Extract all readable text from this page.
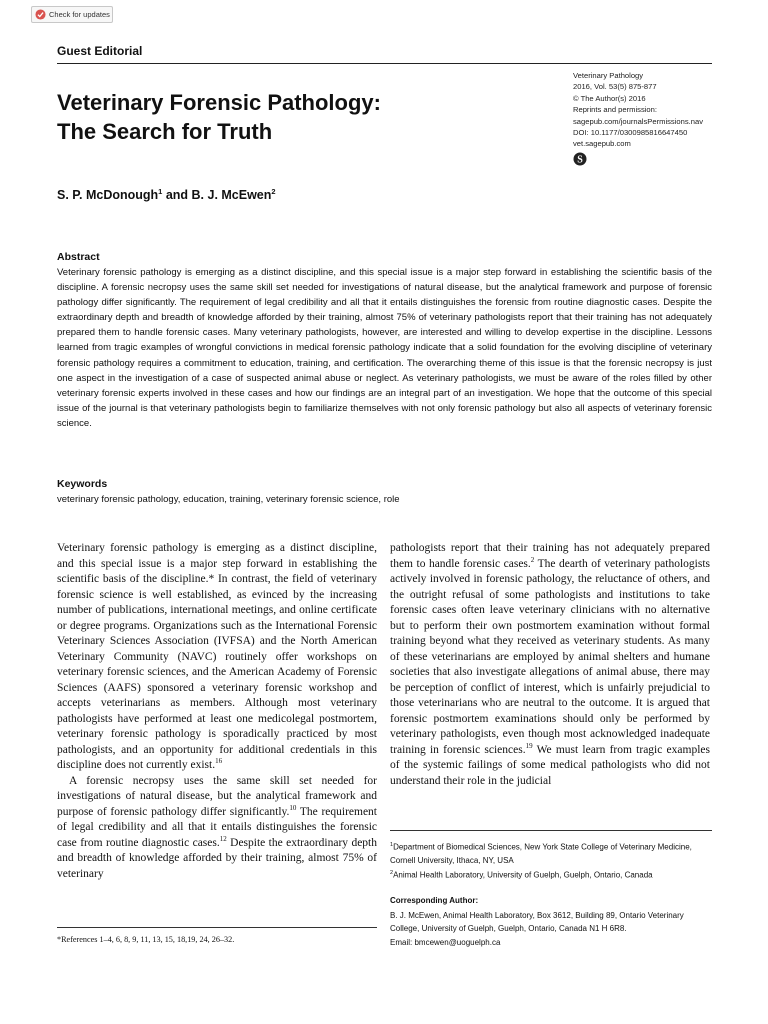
Check for updates
Guest Editorial
Veterinary Forensic Pathology:
The Search for Truth
Veterinary Pathology
2016, Vol. 53(5) 875-877
© The Author(s) 2016
Reprints and permission:
sagepub.com/journalsPermissions.nav
DOI: 10.1177/0300985816647450
vet.sagepub.com
S
S. P. McDonough$^1$ and B. J. McEwen$^2$
Abstract

Veterinary forensic pathology is emerging as a distinct discipline, and this special issue is a major step forward in establishing the scientific basis of the discipline. A forensic necropsy uses the same skill set needed for investigations of natural disease, but the analytical framework and purpose of forensic pathology differ significantly. The requirement of legal credibility and all that it entails distinguishes the forensic from routine diagnostic cases. Despite the extraordinary depth and breadth of knowledge afforded by their training, almost 75% of veterinary pathologists report that their training has not adequately prepared them to handle forensic cases. Many veterinary pathologists, however, are interested and willing to develop expertise in the discipline. Lessons learned from tragic examples of wrongful convictions in medical forensic pathology indicate that a solid foundation for the evolving discipline of veterinary forensic pathology requires a commitment to education, training, and certification. The overarching theme of this issue is that the forensic necropsy is just one aspect in the investigation of a case of suspected animal abuse or neglect. As veterinary pathologists, we must be aware of the roles filled by other veterinary forensic experts involved in these cases and how our findings are an integral part of an investigation. We hope that the outcome of this special issue of the journal is that veterinary pathologists begin to familiarize themselves with not only forensic pathology but also all aspects of veterinary forensic science.

Keywords
veterinary forensic pathology, education, training, veterinary forensic science, role

Veterinary forensic pathology is emerging as a distinct discipline, and this special issue is a major step forward in establishing the scientific basis of the discipline.* In contrast, the field of veterinary forensic science is well established, as evinced by the increasing number of publications, international meetings, and online certificate or degree programs. Organizations such as the International Forensic Veterinary Sciences Association (IVFSA) and the North American Veterinary Community (NAVC) routinely offer workshops on veterinary forensic sciences, and the American Academy of Forensic Sciences (AAFS) sponsored a veterinary forensic workshop and accepts veterinarians as members. Although most veterinary pathologists have performed at least one medicolegal postmortem, veterinary forensic pathology is sporadically practiced by most pathologists, and an opportunity for additional credentials in this discipline does not currently exist.$^{16}$

A forensic necropsy uses the same skill set needed for investigations of natural disease, but the analytical framework and purpose of forensic pathology differ significantly.$^{10}$ The requirement of legal credibility and all that it entails distinguishes the forensic case from routine diagnostic cases.$^{12}$ Despite the extraordinary depth and breadth of knowledge afforded by their training, almost 75% of veterinary

pathologists report that their training has not adequately prepared them to handle forensic cases.$^2$ The dearth of veterinary pathologists actively involved in forensic pathology, the reluctance of others, and the outright refusal of some pathologists and institutions to take forensic cases often leave veterinary clinicians with no alternative but to perform their own postmortem examination without formal training beyond what they received as veterinary students. As many of these veterinarians are employed by animal shelters and humane societies that also investigate allegations of animal abuse, there may be perception of conflict of interest, which is unfairly prejudicial to those veterinarians who are neutral to the outcome. It is argued that forensic postmortem examinations should only be performed by veterinary pathologists, even though most acknowledged inadequate training in forensic sciences.$^{19}$ We must learn from tragic examples of the systemic failings of some medical pathologists who did not understand their role in the judicial

*References 1–4, 6, 8, 9, 11, 13, 15, 18,19, 24, 26–32.
$^1$Department of Biomedical Sciences, New York State College of Veterinary Medicine, Cornell University, Ithaca, NY, USA
$^2$Animal Health Laboratory, University of Guelph, Guelph, Ontario, Canada
Corresponding Author:
B. J. McEwen, Animal Health Laboratory, Box 3612, Building 89, Ontario Veterinary College, University of Guelph, Guelph, Ontario, Canada N1 H 6R8.
Email: bmcewen@uoguelph.ca
